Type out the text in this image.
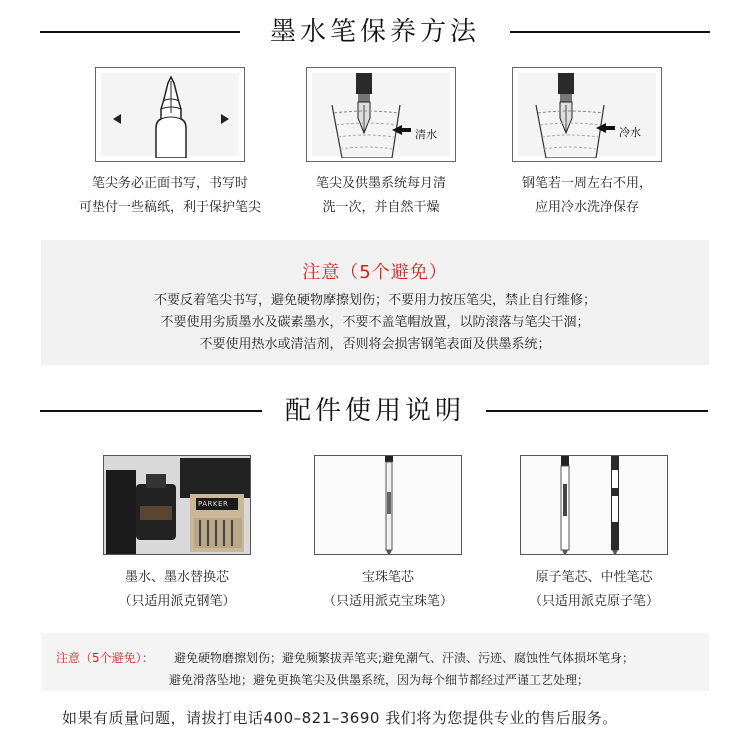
墨水笔保养方法
清水	冷水
笔尖务必正面书写，书写时
可垫付一些稿纸，利于保护笔尖
笔尖及供墨系统每月清
洗一次，并自然干燥
钢笔若一周左右不用，
应用冷水洗净保存
注意（5个避免）
不要反着笔尖书写，避免硬物摩擦划伤；不要用力按压笔尖，禁止自行维修；
不要使用劣质墨水及碳素墨水，不要不盖笔帽放置，以防滚落与笔尖干涸；
不要使用热水或清洁剂，否则将会损害钢笔表面及供墨系统；
配件使用说明
PARKER
墨水、墨水替换芯
（只适用派克钢笔）
宝珠笔芯
（只适用派克宝珠笔）
原子笔芯、中性笔芯
（只适用派克原子笔）
注意（5个避免）： 避免硬物磨擦划伤；避免频繁拔弄笔夹;避免潮气、汗渍、污迹、腐蚀性气体损坏笔身；
避免滑落坠地；避免更换笔尖及供墨系统，因为每个细节都经过严谨工艺处理；
如果有质量问题，请拔打电话400–821–3690 我们将为您提供专业的售后服务。
